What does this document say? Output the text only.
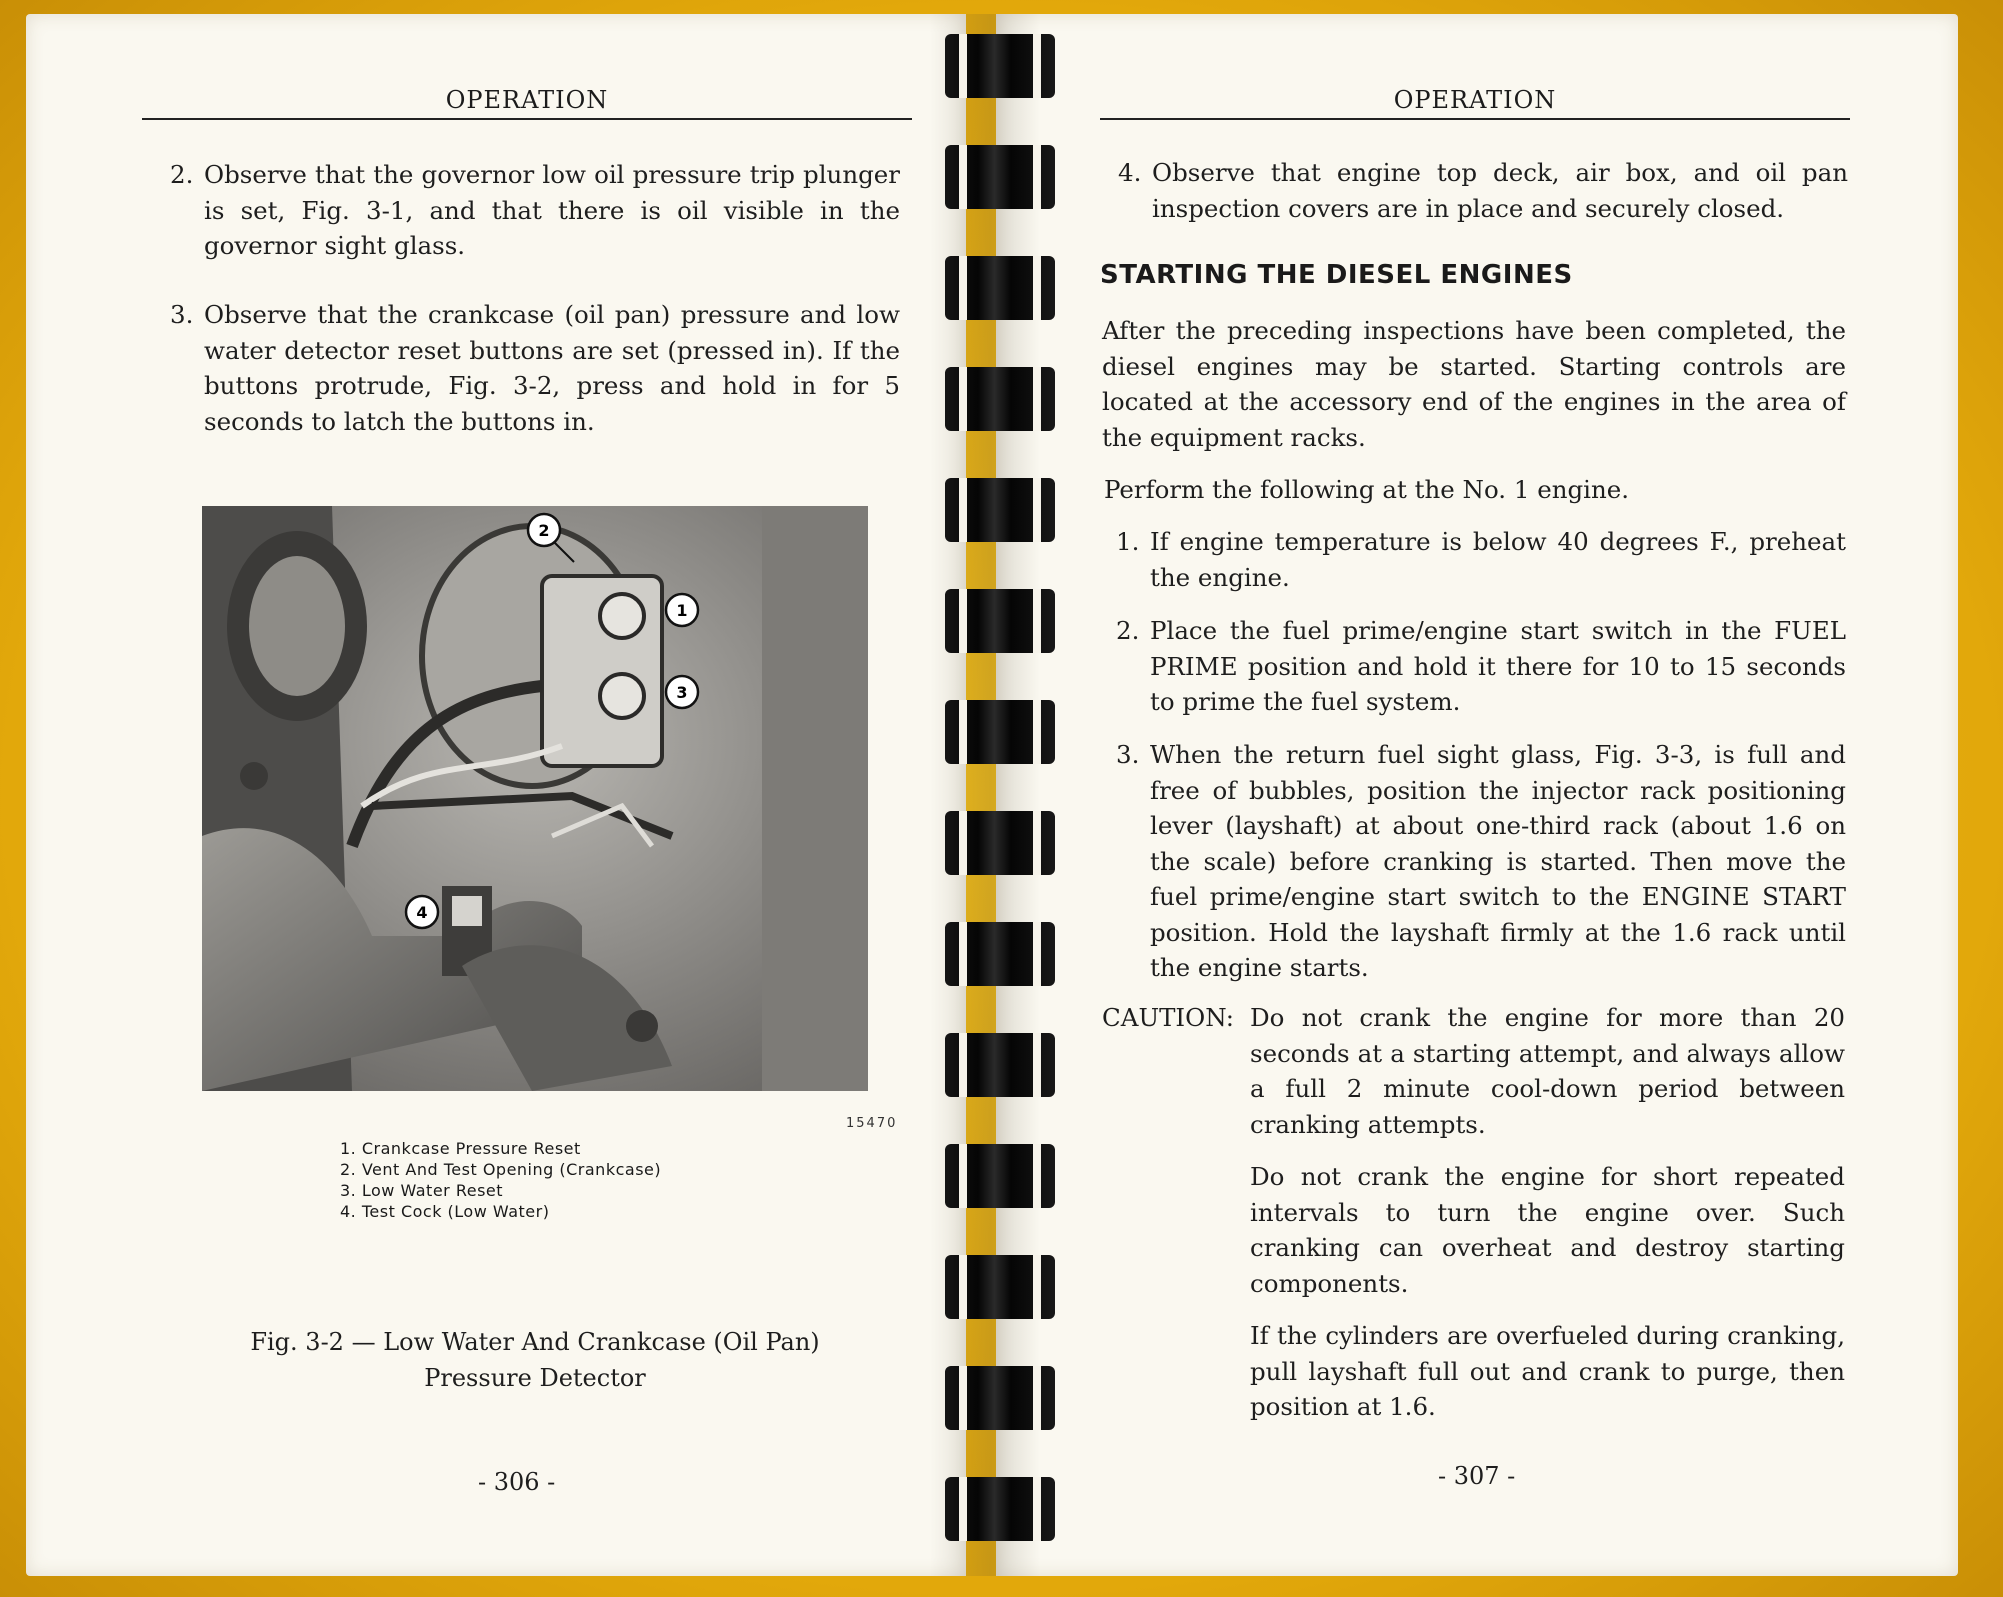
OPERATION
2. Observe that the governor low oil pressure trip plunger is set, Fig. 3-1, and that there is oil visible in the governor sight glass.
3. Observe that the crankcase (oil pan) pressure and low water detector reset buttons are set (pressed in). If the buttons protrude, Fig. 3-2, press and hold in for 5 seconds to latch the buttons in.
2
1
3
4
15470
1. Crankcase Pressure Reset
2. Vent And Test Opening (Crankcase)
3. Low Water Reset
4. Test Cock (Low Water)
Fig. 3-2 — Low Water And Crankcase (Oil Pan)
Pressure Detector
- 306 -
OPERATION
4. Observe that engine top deck, air box, and oil pan inspection covers are in place and securely closed.
STARTING THE DIESEL ENGINES
After the preceding inspections have been completed, the diesel engines may be started. Starting controls are located at the accessory end of the engines in the area of the equipment racks.
Perform the following at the No. 1 engine.
1. If engine temperature is below 40 degrees F., preheat the engine.
2. Place the fuel prime/engine start switch in the FUEL PRIME position and hold it there for 10 to 15 seconds to prime the fuel system.
3. When the return fuel sight glass, Fig. 3-3, is full and free of bubbles, position the injector rack positioning lever (layshaft) at about one-third rack (about 1.6 on the scale) before cranking is started. Then move the fuel prime/engine start switch to the ENGINE START position. Hold the layshaft firmly at the 1.6 rack until the engine starts.
CAUTION: Do not crank the engine for more than 20 seconds at a starting attempt, and always allow a full 2 minute cool-down period between cranking attempts.
Do not crank the engine for short repeated intervals to turn the engine over. Such cranking can overheat and destroy starting components.
If the cylinders are overfueled during cranking, pull layshaft full out and crank to purge, then position at 1.6.
- 307 -
